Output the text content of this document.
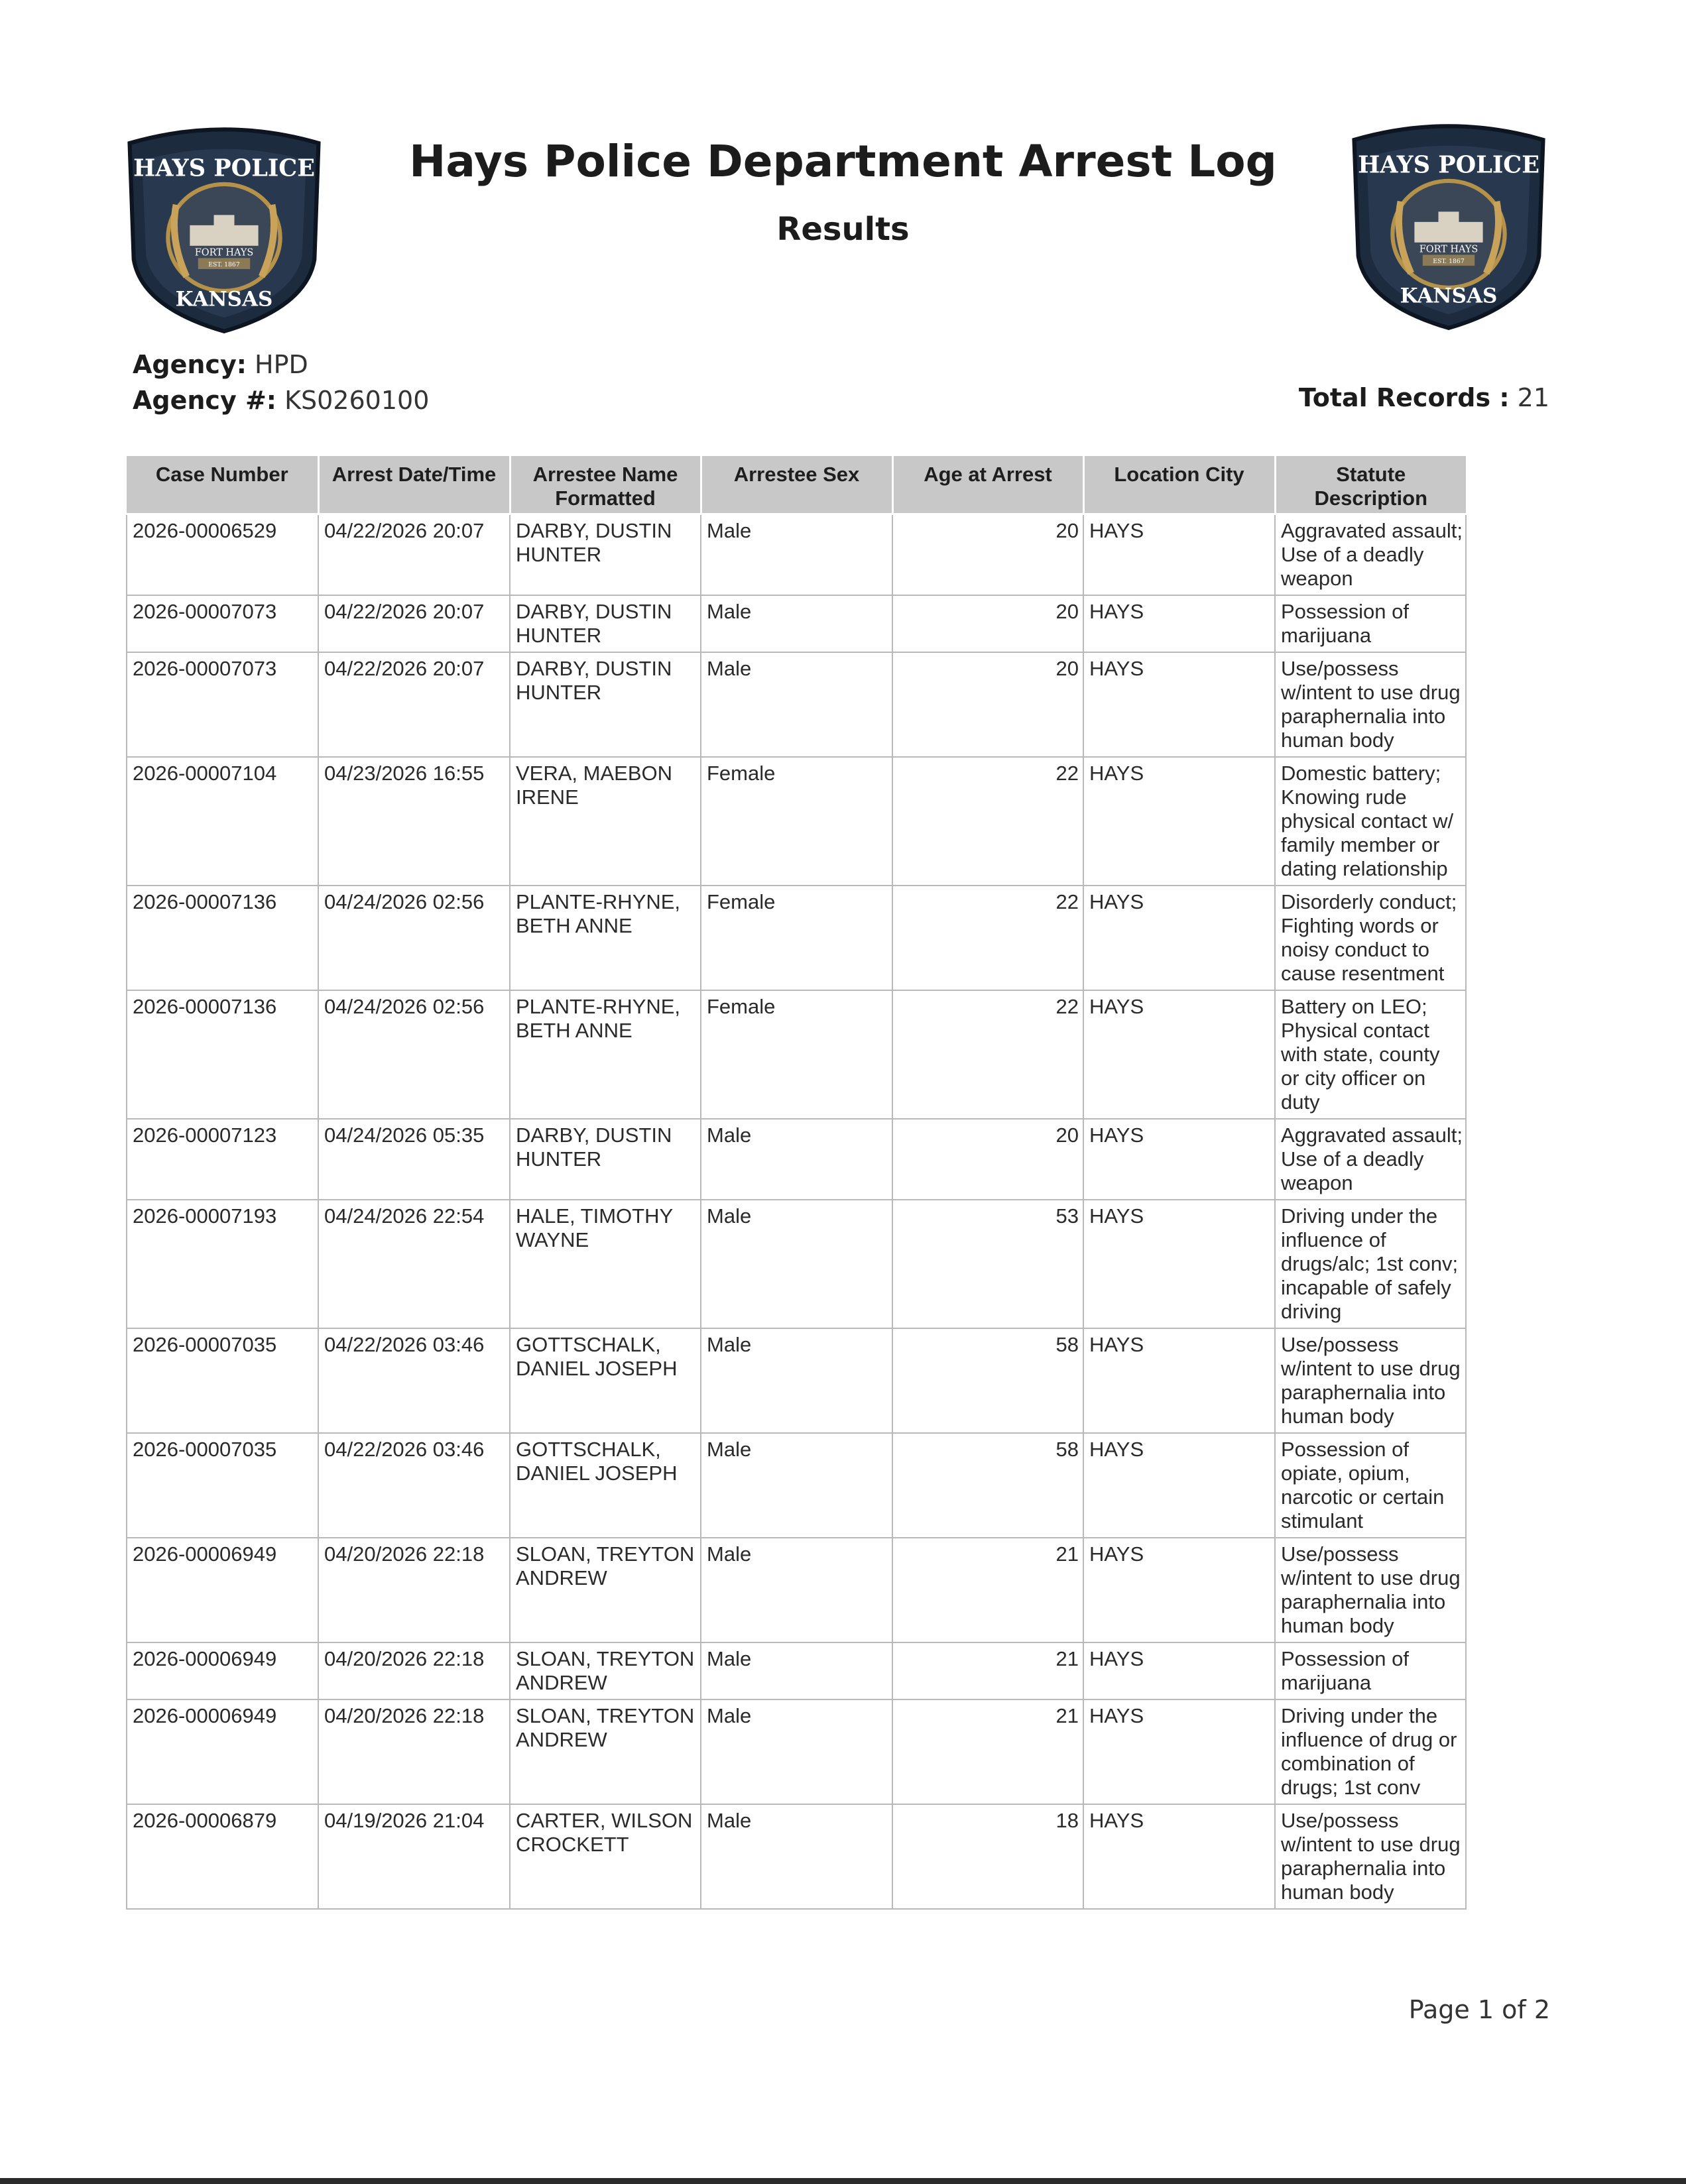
HAYS POLICE
FORT HAYS
EST. 1867
KANSAS
HAYS POLICE
FORT HAYS
EST. 1867
KANSAS
Hays Police Department Arrest Log
Results
Agency: HPD
Agency #: KS0260100	Total Records : 21
Case Number	Arrest Date/Time	Arrestee Name Formatted	Arrestee Sex	Age at Arrest	Location City	Statute Description
2026-00006529	04/22/2026 20:07	DARBY, DUSTIN HUNTER	Male	20	HAYS	Aggravated assault; Use of a deadly weapon
2026-00007073	04/22/2026 20:07	DARBY, DUSTIN HUNTER	Male	20	HAYS	Possession of marijuana
2026-00007073	04/22/2026 20:07	DARBY, DUSTIN HUNTER	Male	20	HAYS	Use/possess w/intent to use drug paraphernalia into human body
2026-00007104	04/23/2026 16:55	VERA, MAEBON IRENE	Female	22	HAYS	Domestic battery; Knowing rude physical contact w/ family member or dating relationship
2026-00007136	04/24/2026 02:56	PLANTE-RHYNE, BETH ANNE	Female	22	HAYS	Disorderly conduct; Fighting words or noisy conduct to cause resentment
2026-00007136	04/24/2026 02:56	PLANTE-RHYNE, BETH ANNE	Female	22	HAYS	Battery on LEO; Physical contact with state, county or city officer on duty
2026-00007123	04/24/2026 05:35	DARBY, DUSTIN HUNTER	Male	20	HAYS	Aggravated assault; Use of a deadly weapon
2026-00007193	04/24/2026 22:54	HALE, TIMOTHY WAYNE	Male	53	HAYS	Driving under the influence of drugs/alc; 1st conv; incapable of safely driving
2026-00007035	04/22/2026 03:46	GOTTSCHALK, DANIEL JOSEPH	Male	58	HAYS	Use/possess w/intent to use drug paraphernalia into human body
2026-00007035	04/22/2026 03:46	GOTTSCHALK, DANIEL JOSEPH	Male	58	HAYS	Possession of opiate, opium, narcotic or certain stimulant
2026-00006949	04/20/2026 22:18	SLOAN, TREYTON ANDREW	Male	21	HAYS	Use/possess w/intent to use drug paraphernalia into human body
2026-00006949	04/20/2026 22:18	SLOAN, TREYTON ANDREW	Male	21	HAYS	Possession of marijuana
2026-00006949	04/20/2026 22:18	SLOAN, TREYTON ANDREW	Male	21	HAYS	Driving under the influence of drug or combination of drugs; 1st conv
2026-00006879	04/19/2026 21:04	CARTER, WILSON CROCKETT	Male	18	HAYS	Use/possess w/intent to use drug paraphernalia into human body
Page 1 of 2
